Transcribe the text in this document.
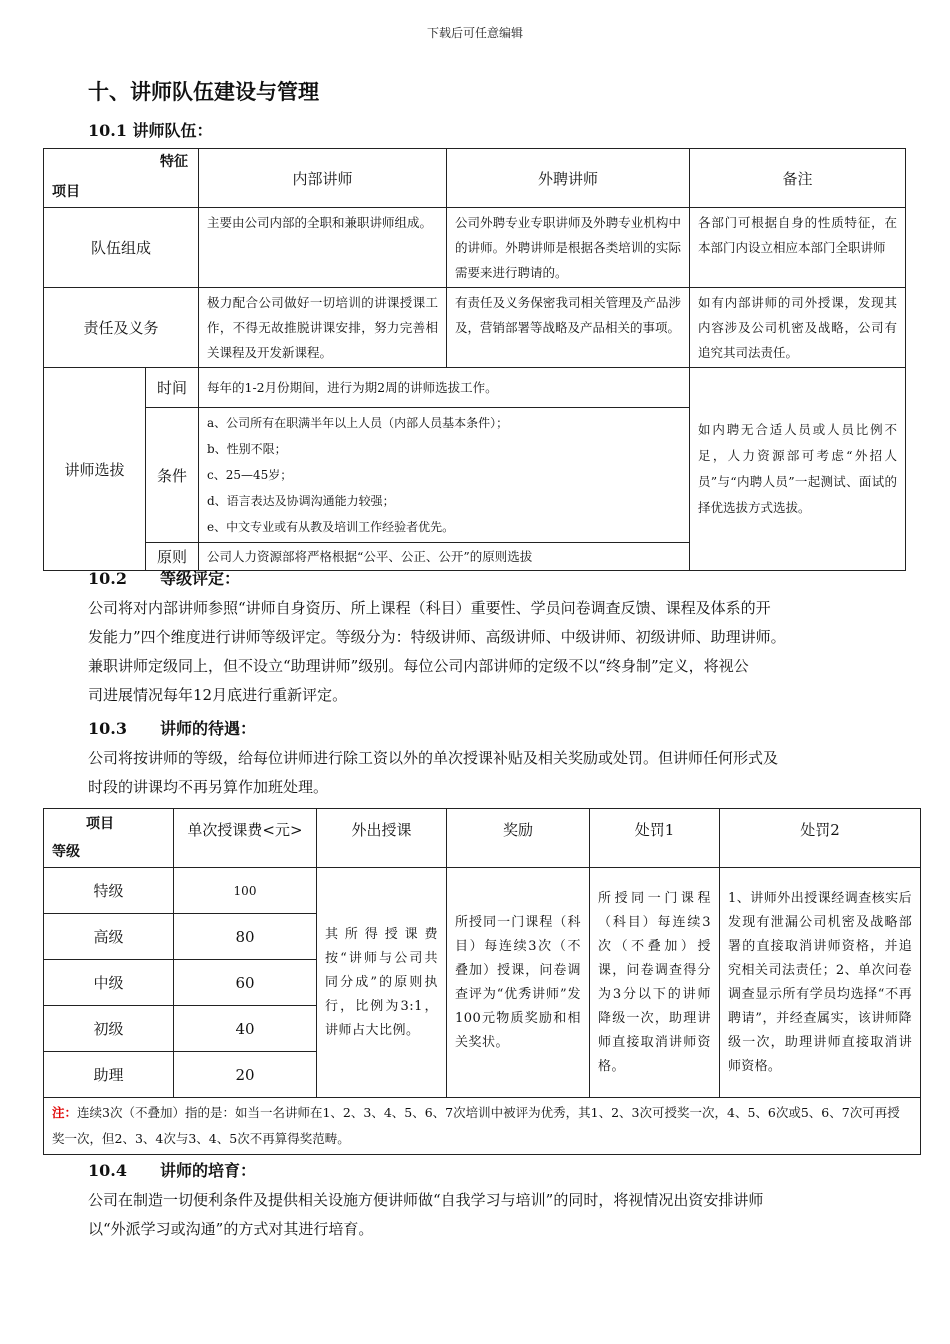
下载后可任意编辑
十、讲师队伍建设与管理
10.1 讲师队伍：
特征
项目		内部讲师	外聘讲师	备注
队伍组成		主要由公司内部的全职和兼职讲师组成。	公司外聘专业专职讲师及外聘专业机构中的讲师。外聘讲师是根据各类培训的实际需要来进行聘请的。	各部门可根据自身的性质特征，在本部门内设立相应本部门全职讲师
责任及义务		极力配合公司做好一切培训的讲课授课工作，不得无故推脱讲课安排，努力完善相关课程及开发新课程。	有责任及义务保密我司相关管理及产品涉及，营销部署等战略及产品相关的事项。	如有内部讲师的司外授课，发现其内容涉及公司机密及战略，公司有追究其司法责任。
讲师选拔	时间	每年的1-2月份期间，进行为期2周的讲师选拔工作。		如内聘无合适人员或人员比例不足，人力资源部可考虑“外招人员”与“内聘人员”一起测试、面试的择优选拔方式选拔。
	条件	a、公司所有在职满半年以上人员（内部人员基本条件）；
b、性别不限；
c、25—45岁；
d、语言表达及协调沟通能力较强；
e、中文专业或有从教及培训工作经验者优先。		

	原则	公司人力资源部将严格根据“公平、公正、公开”的原则选拔		
10.2 等级评定：
公司将对内部讲师参照“讲师自身资历、所上课程（科目）重要性、学员问卷调查反馈、课程及体系的开
发能力”四个维度进行讲师等级评定。等级分为：特级讲师、高级讲师、中级讲师、初级讲师、助理讲师。
兼职讲师定级同上，但不设立“助理讲师”级别。每位公司内部讲师的定级不以“终身制”定义，将视公
司进展情况每年12月底进行重新评定。
10.3 讲师的待遇：
公司将按讲师的等级，给每位讲师进行除工资以外的单次授课补贴及相关奖励或处罚。但讲师任何形式及
时段的讲课均不再另算作加班处理。
项目
等级	单次授课费<元>	外出授课	奖励	处罚1	处罚2
特级	100	其所得授课费按“讲师与公司共同分成”的原则执行，比例为3:1，讲师占大比例。	所授同一门课程（科目）每连续3次（不叠加）授课，问卷调查评为“优秀讲师”发100元物质奖励和相关奖状。	所授同一门课程（科目）每连续3次（不叠加）授课，问卷调查得分为3分以下的讲师降级一次，助理讲师直接取消讲师资格。	1、讲师外出授课经调查核实后发现有泄漏公司机密及战略部署的直接取消讲师资格，并追究相关司法责任；2、单次问卷调查显示所有学员均选择“不再聘请”，并经查属实，该讲师降级一次，助理讲师直接取消讲师资格。
高级	80				
中级	60				
初级	40				
助理	20				
注：连续3次（不叠加）指的是：如当一名讲师在1、2、3、4、5、6、7次培训中被评为优秀，其1、2、3次可授奖一次，4、5、6次或5、6、7次可再授奖一次，但2、3、4次与3、4、5次不再算得奖范畴。					
10.4 讲师的培育：
公司在制造一切便利条件及提供相关设施方便讲师做“自我学习与培训”的同时，将视情况出资安排讲师
以“外派学习或沟通”的方式对其进行培育。
